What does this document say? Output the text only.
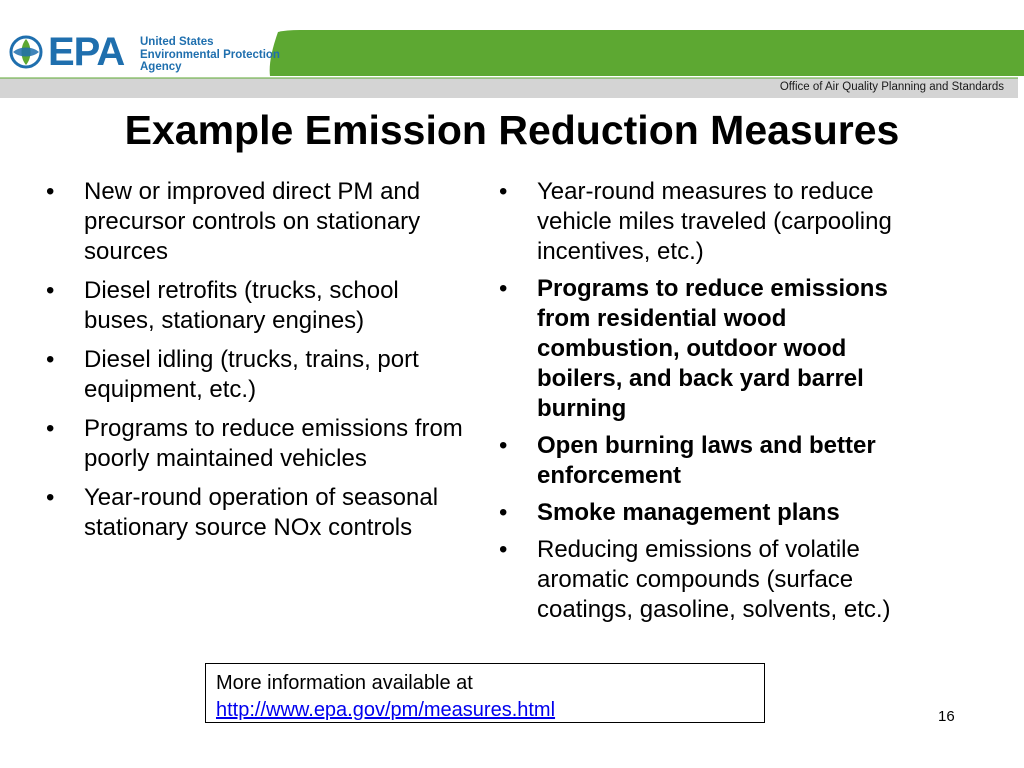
EPA United States
Environmental Protection
Agency
Office of Air Quality Planning and Standards
Example Emission Reduction Measures
• New or improved direct PM and precursor controls on stationary sources
• Diesel retrofits (trucks, school buses, stationary engines)
• Diesel idling (trucks, trains, port equipment, etc.)
• Programs to reduce emissions from poorly maintained vehicles
• Year-round operation of seasonal stationary source NOx controls
• Year-round measures to reduce vehicle miles traveled (carpooling incentives, etc.)
• Programs to reduce emissions from residential wood combustion, outdoor wood boilers, and back yard barrel burning
• Open burning laws and better enforcement
• Smoke management plans
• Reducing emissions of volatile aromatic compounds (surface coatings, gasoline, solvents, etc.)
More information available at
http://www.epa.gov/pm/measures.html	16
